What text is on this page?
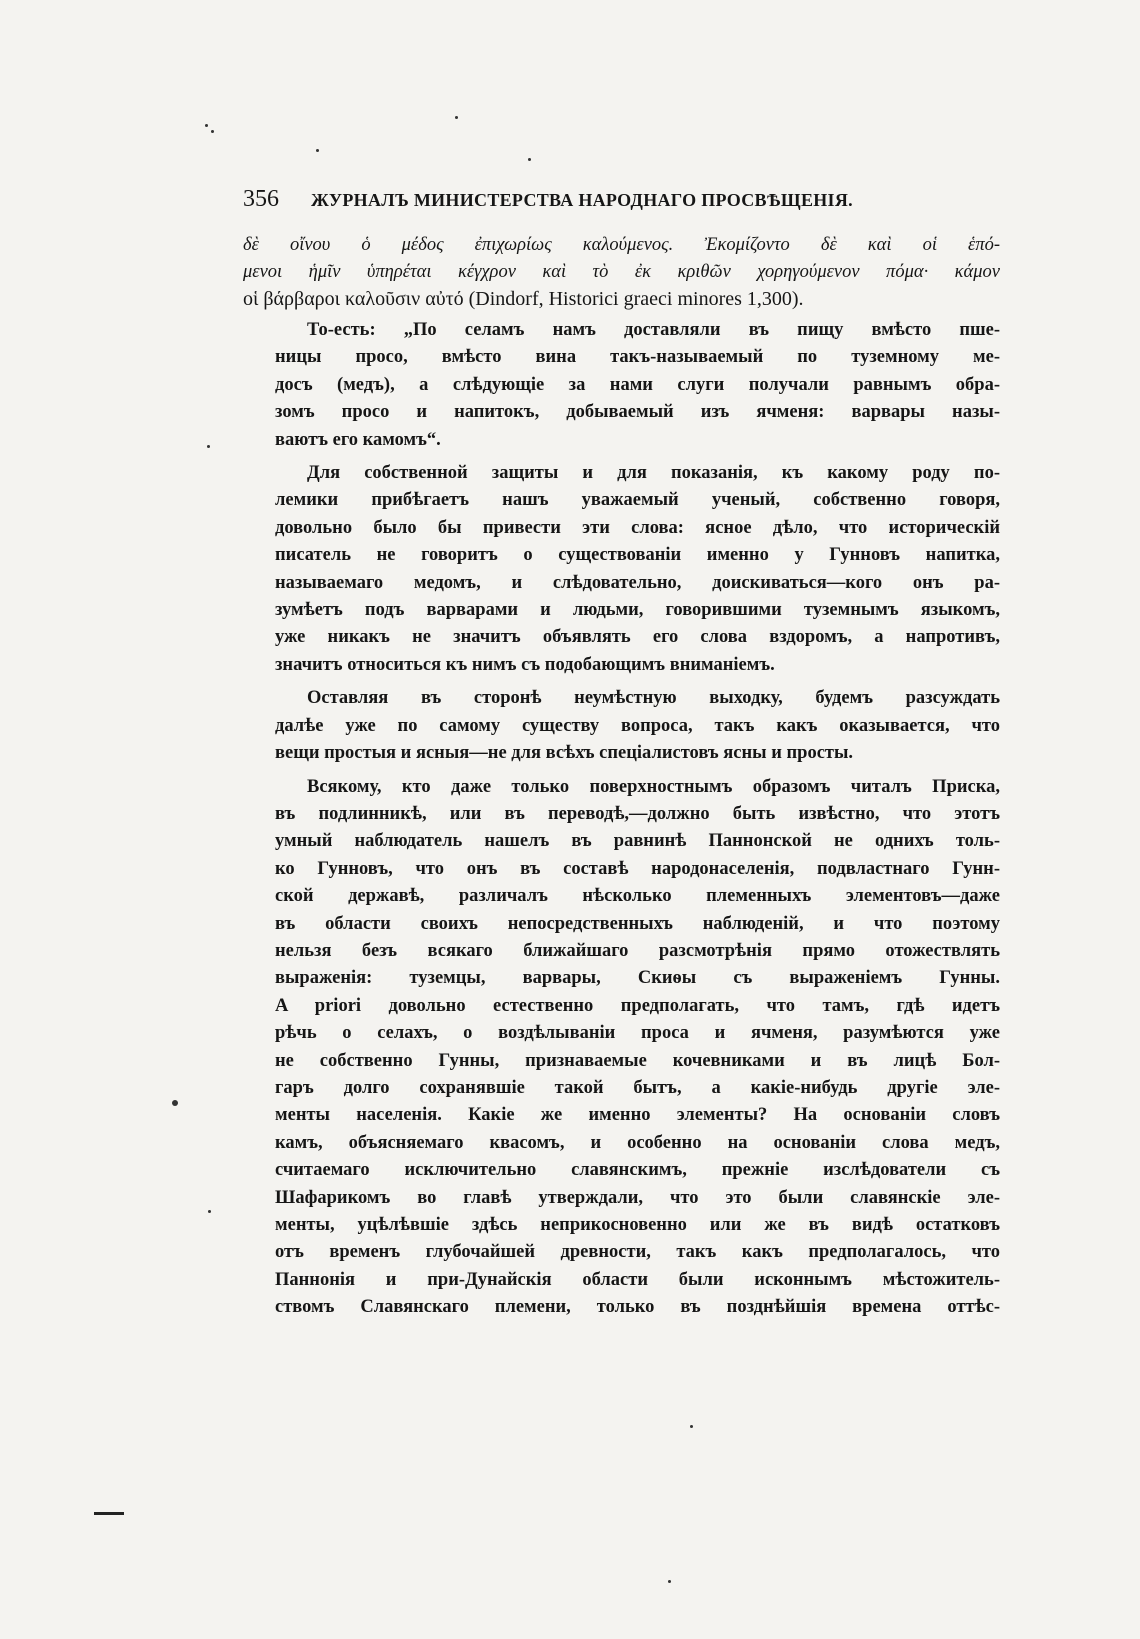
356	ЖУРНАЛЪ МИНИСТЕРСТВА НАРОДНАГО ПРОСВѢЩЕНІЯ.
δὲ οἴνου ὁ μέδος ἐπιχωρίως καλούμενος. Ἐκομίζοντο δὲ καὶ οἱ ἑπό-
μενοι ἡμῖν ὑπηρέται κέγχρον καὶ τὸ ἐκ κριθῶν χορηγούμενον πόμα· κάμον
οἱ βάρβαροι καλοῦσιν αὐτό (Dindorf, Historici graeci minores 1,300).
То-есть: „По селамъ намъ доставляли въ пищу вмѣсто пше-
ницы просо, вмѣсто вина такъ-называемый по туземному ме-
досъ (медъ), а слѣдующіе за нами слуги получали равнымъ обра-
зомъ просо и напитокъ, добываемый изъ ячменя: варвары назы-
ваютъ его камомъ“.
Для собственной защиты и для показанія, къ какому роду по-
лемики прибѣгаетъ нашъ уважаемый ученый, собственно говоря,
довольно было бы привести эти слова: ясное дѣло, что историческій
писатель не говоритъ о существованіи именно у Гунновъ напитка,
называемаго медомъ, и слѣдовательно, доискиваться—кого онъ ра-
зумѣетъ подъ варварами и людьми, говорившими туземнымъ языкомъ,
уже никакъ не значитъ объявлять его слова вздоромъ, а напротивъ,
значитъ относиться къ нимъ съ подобающимъ вниманіемъ.
Оставляя въ сторонѣ неумѣстную выходку, будемъ разсуждать
далѣе уже по самому существу вопроса, такъ какъ оказывается, что
вещи простыя и ясныя—не для всѣхъ спеціалистовъ ясны и просты.
Всякому, кто даже только поверхностнымъ образомъ читалъ Приска,
въ подлинникѣ, или въ переводѣ,—должно быть извѣстно, что этотъ
умный наблюдатель нашелъ въ равнинѣ Паннонской не однихъ толь-
ко Гунновъ, что онъ въ составѣ народонаселенія, подвластнаго Гунн-
ской державѣ, различалъ нѣсколько племенныхъ элементовъ—даже
въ области своихъ непосредственныхъ наблюденій, и что поэтому
нельзя безъ всякаго ближайшаго разсмотрѣнія прямо отожествлять
выраженія: туземцы, варвары, Скиѳы съ выраженіемъ Гунны.
A priori довольно естественно предполагать, что тамъ, гдѣ идетъ
рѣчь о селахъ, о воздѣлываніи проса и ячменя, разумѣются уже
не собственно Гунны, признаваемые кочевниками и въ лицѣ Бол-
гаръ долго сохранявшіе такой бытъ, а какіе-нибудь другіе эле-
менты населенія. Какіе же именно элементы? На основаніи словъ
камъ, объясняемаго квасомъ, и особенно на основаніи слова медъ,
считаемаго исключительно славянскимъ, прежніе изслѣдователи съ
Шафарикомъ во главѣ утверждали, что это были славянскіе эле-
менты, уцѣлѣвшіе здѣсь неприкосновенно или же въ видѣ остатковъ
отъ временъ глубочайшей древности, такъ какъ предполагалось, что
Паннонія и при-Дунайскія области были исконнымъ мѣстожитель-
ствомъ Славянскаго племени, только въ позднѣйшія времена оттѣс-
